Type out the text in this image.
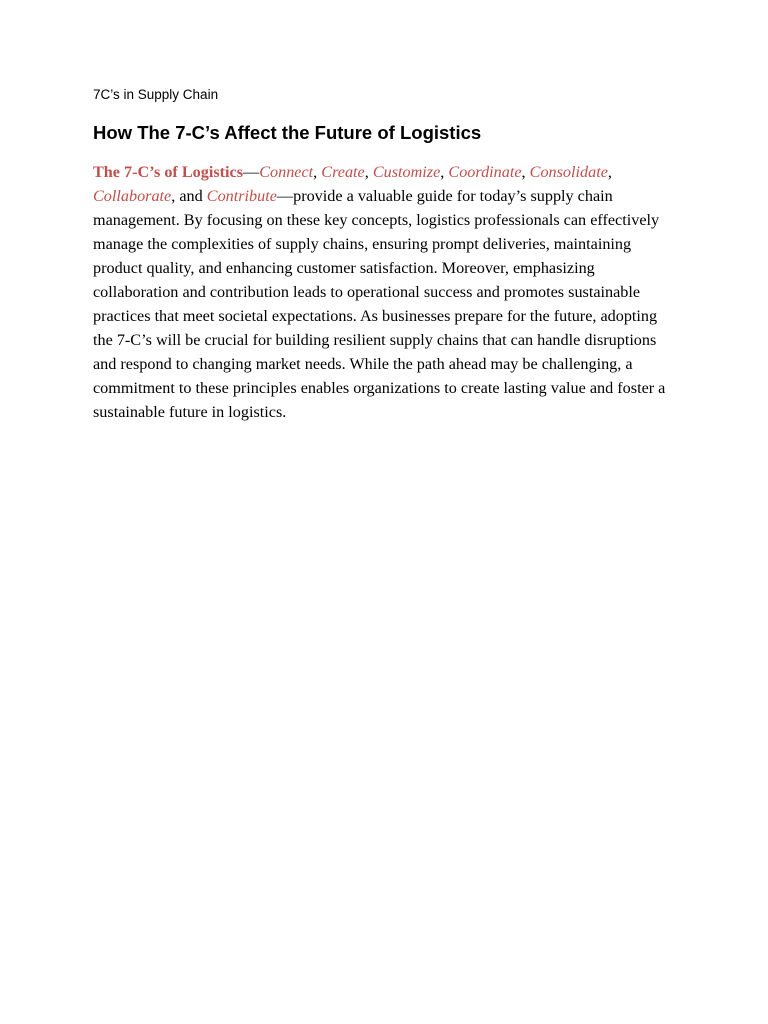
7C’s in Supply Chain
How The 7-C’s Affect the Future of Logistics

The 7-C’s of Logistics—Connect, Create, Customize, Coordinate, Consolidate, Collaborate, and Contribute—provide a valuable guide for today’s supply chain management. By focusing on these key concepts, logistics professionals can effectively manage the complexities of supply chains, ensuring prompt deliveries, maintaining product quality, and enhancing customer satisfaction. Moreover, emphasizing collaboration and contribution leads to operational success and promotes sustainable practices that meet societal expectations. As businesses prepare for the future, adopting the 7-C’s will be crucial for building resilient supply chains that can handle disruptions and respond to changing market needs. While the path ahead may be challenging, a commitment to these principles enables organizations to create lasting value and foster a sustainable future in logistics.
